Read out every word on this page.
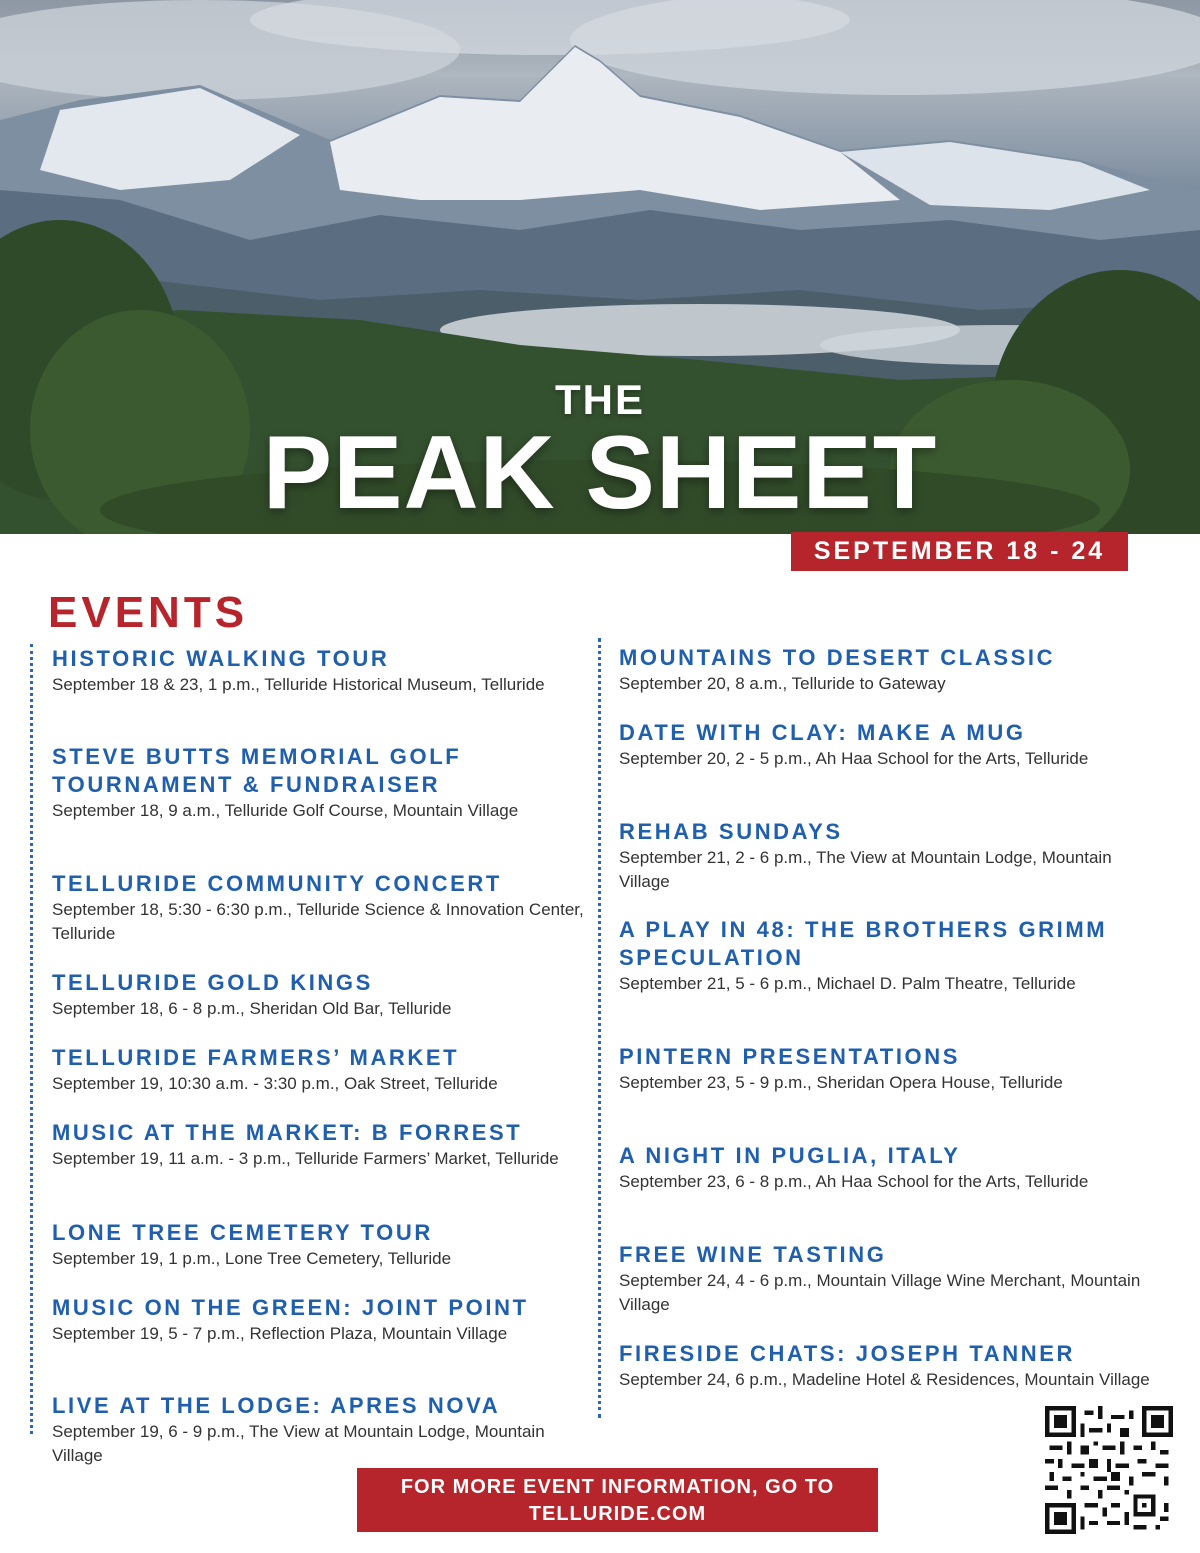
THE
PEAK SHEET
SEPTEMBER 18 - 24
EVENTS
HISTORIC WALKING TOUR
September 18 & 23, 1 p.m., Telluride Historical Museum, Telluride
STEVE BUTTS MEMORIAL GOLF TOURNAMENT & FUNDRAISER
September 18, 9 a.m., Telluride Golf Course, Mountain Village
TELLURIDE COMMUNITY CONCERT
September 18, 5:30 - 6:30 p.m., Telluride Science & Innovation Center, Telluride
TELLURIDE GOLD KINGS
September 18, 6 - 8 p.m., Sheridan Old Bar, Telluride
TELLURIDE FARMERS’ MARKET
September 19, 10:30 a.m. - 3:30 p.m., Oak Street, Telluride
MUSIC AT THE MARKET: B FORREST
September 19, 11 a.m. - 3 p.m., Telluride Farmers’ Market, Telluride
LONE TREE CEMETERY TOUR
September 19, 1 p.m., Lone Tree Cemetery, Telluride
MUSIC ON THE GREEN: JOINT POINT
September 19, 5 - 7 p.m., Reflection Plaza, Mountain Village
LIVE AT THE LODGE: APRES NOVA
September 19, 6 - 9 p.m., The View at Mountain Lodge, Mountain Village
MOUNTAINS TO DESERT CLASSIC
September 20, 8 a.m., Telluride to Gateway
DATE WITH CLAY: MAKE A MUG
September 20, 2 - 5 p.m., Ah Haa School for the Arts, Telluride
REHAB SUNDAYS
September 21, 2 - 6 p.m., The View at Mountain Lodge, Mountain Village
A PLAY IN 48: THE BROTHERS GRIMM SPECULATION
September 21, 5 - 6 p.m., Michael D. Palm Theatre, Telluride
PINTERN PRESENTATIONS
September 23, 5 - 9 p.m., Sheridan Opera House, Telluride
A NIGHT IN PUGLIA, ITALY
September 23, 6 - 8 p.m., Ah Haa School for the Arts, Telluride
FREE WINE TASTING
September 24, 4 - 6 p.m., Mountain Village Wine Merchant, Mountain Village
FIRESIDE CHATS: JOSEPH TANNER
September 24, 6 p.m., Madeline Hotel & Residences, Mountain Village
FOR MORE EVENT INFORMATION, GO TO
TELLURIDE.COM
